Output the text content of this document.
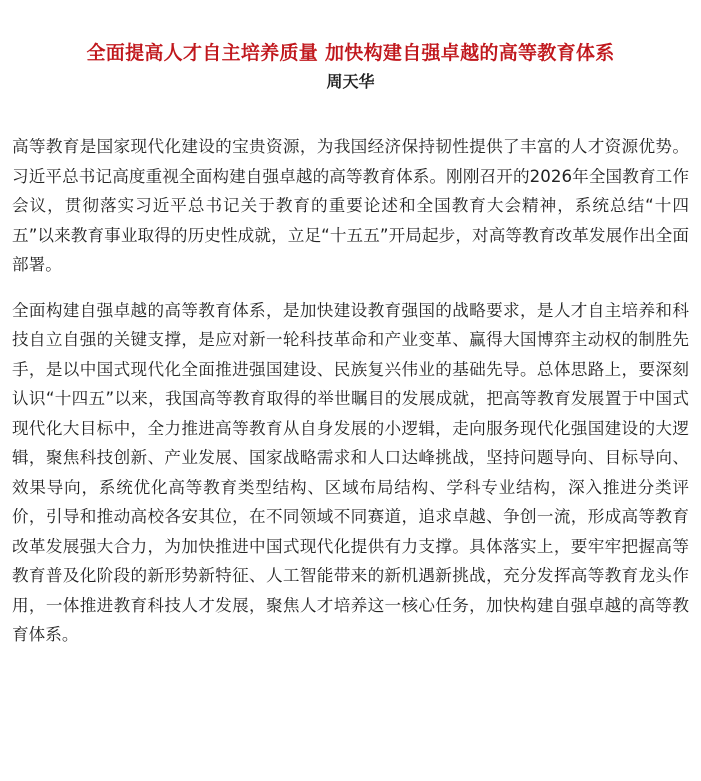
全面提高人才自主培养质量 加快构建自强卓越的高等教育体系
周天华

高等教育是国家现代化建设的宝贵资源，为我国经济保持韧性提供了丰富的人才资源优势。习近平总书记高度重视全面构建自强卓越的高等教育体系。刚刚召开的2026年全国教育工作会议，贯彻落实习近平总书记关于教育的重要论述和全国教育大会精神，系统总结“十四五”以来教育事业取得的历史性成就，立足“十五五”开局起步，对高等教育改革发展作出全面部署。

全面构建自强卓越的高等教育体系，是加快建设教育强国的战略要求，是人才自主培养和科技自立自强的关键支撑，是应对新一轮科技革命和产业变革、赢得大国博弈主动权的制胜先手，是以中国式现代化全面推进强国建设、民族复兴伟业的基础先导。总体思路上，要深刻认识“十四五”以来，我国高等教育取得的举世瞩目的发展成就，把高等教育发展置于中国式现代化大目标中，全力推进高等教育从自身发展的小逻辑，走向服务现代化强国建设的大逻辑，聚焦科技创新、产业发展、国家战略需求和人口达峰挑战，坚持问题导向、目标导向、效果导向，系统优化高等教育类型结构、区域布局结构、学科专业结构，深入推进分类评价，引导和推动高校各安其位，在不同领域不同赛道，追求卓越、争创一流，形成高等教育改革发展强大合力，为加快推进中国式现代化提供有力支撑。具体落实上，要牢牢把握高等教育普及化阶段的新形势新特征、人工智能带来的新机遇新挑战，充分发挥高等教育龙头作用，一体推进教育科技人才发展，聚焦人才培养这一核心任务，加快构建自强卓越的高等教育体系。
